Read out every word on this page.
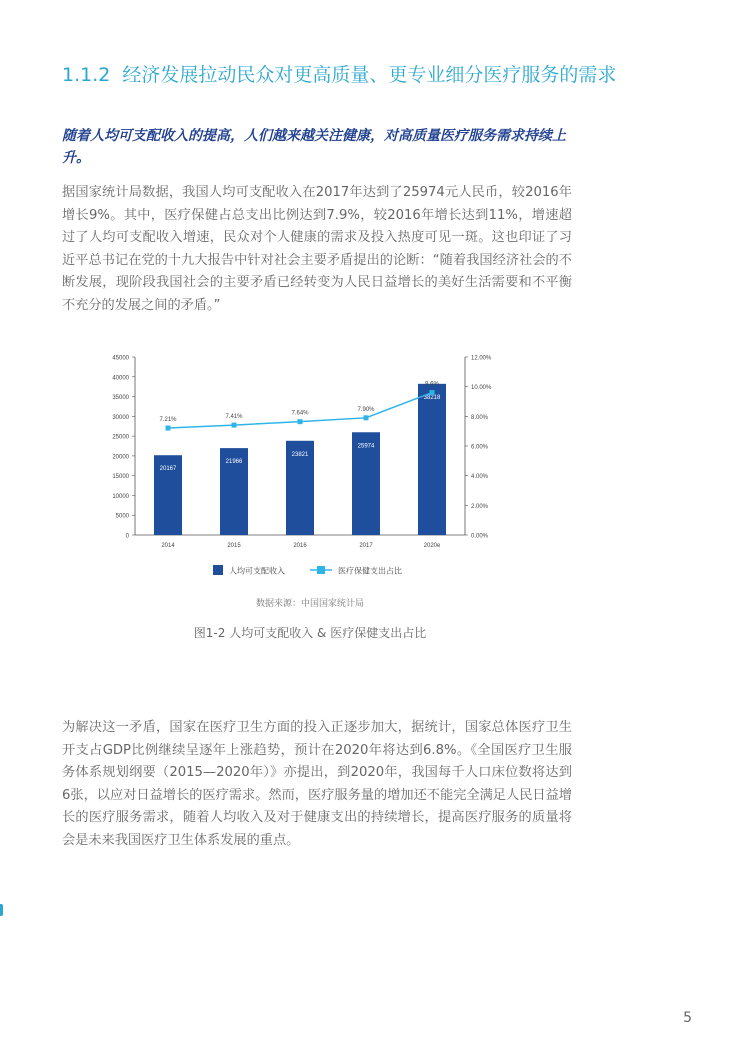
1.1.2 经济发展拉动民众对更高质量、更专业细分医疗服务的需求
随着人均可支配收入的提高，人们越来越关注健康，对高质量医疗服务需求持续上升。
据国家统计局数据，我国人均可支配收入在2017年达到了25974元人民币，较2016年增长9%。其中，医疗保健占总支出比例达到7.9%，较2016年增长达到11%，增速超过了人均可支配收入增速，民众对个人健康的需求及投入热度可见一斑。这也印证了习近平总书记在党的十九大报告中针对社会主要矛盾提出的论断：“随着我国经济社会的不断发展，现阶段我国社会的主要矛盾已经转变为人民日益增长的美好生活需要和不平衡不充分的发展之间的矛盾。”
0
5000
10000
15000
20000
25000
30000
35000
40000
45000
0.00%
2.00%
4.00%
6.00%
8.00%
10.00%
12.00%
20167
21966
23821
25974
38218
2014	2015	2016	2017	2020e
7.21%	7.41%
7.64%
7.90%
9.6%
人均可支配收入	医疗保健支出占比
数据来源：中国国家统计局
图1-2 人均可支配收入 & 医疗保健支出占比
为解决这一矛盾，国家在医疗卫生方面的投入正逐步加大，据统计，国家总体医疗卫生开支占GDP比例继续呈逐年上涨趋势，预计在2020年将达到6.8%。《全国医疗卫生服务体系规划纲要（2015—2020年）》亦提出，到2020年，我国每千人口床位数将达到6张，以应对日益增长的医疗需求。然而，医疗服务量的增加还不能完全满足人民日益增长的医疗服务需求，随着人均收入及对于健康支出的持续增长，提高医疗服务的质量将会是未来我国医疗卫生体系发展的重点。
5
